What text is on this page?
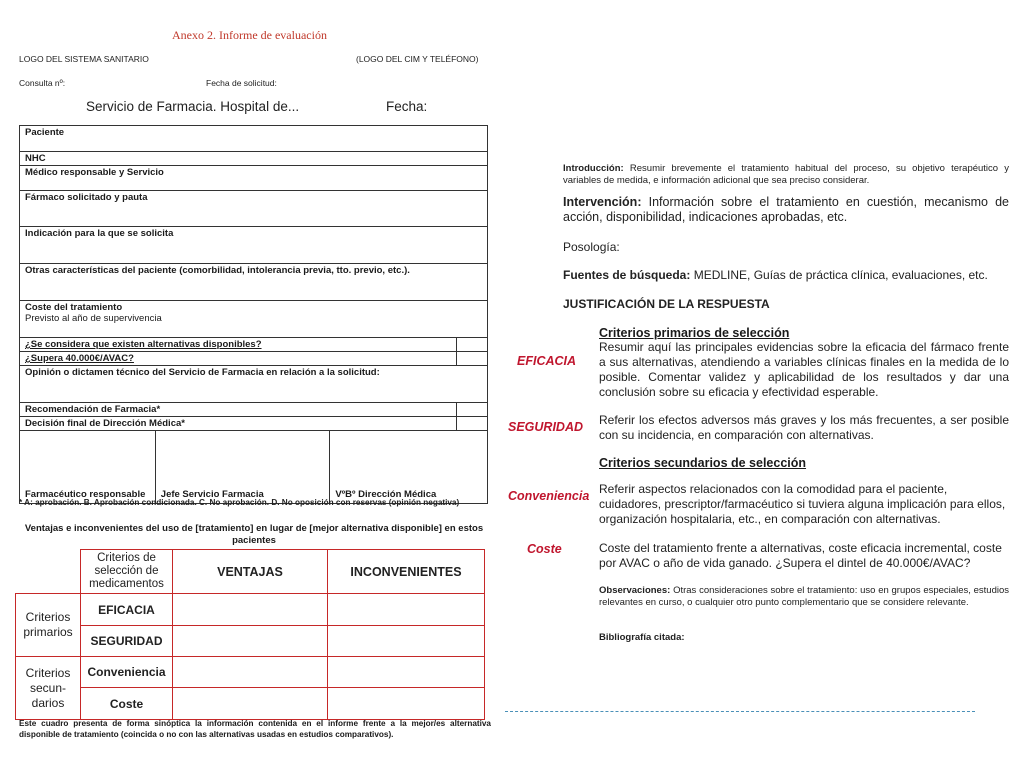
Anexo 2. Informe de evaluación
LOGO DEL SISTEMA SANITARIO	(LOGO DEL CIM Y TELÉFONO)
Consulta nº:	Fecha de solicitud:
Servicio de Farmacia. Hospital de...	Fecha:
Paciente			
NHC			
Médico responsable y Servicio			
Fármaco solicitado y pauta			
Indicación para la que se solicita			
Otras características del paciente (comorbilidad, intolerancia previa, tto. previo, etc.).			

Coste del tratamiento
Previsto al año de supervivencia			

¿Se considera que existen alternativas disponibles?			
¿Supera 40.000€/AVAC?			
Opinión o dictamen técnico del Servicio de Farmacia en relación a la solicitud:			
Recomendación de Farmacia*			
Decisión final de Dirección Médica*			
Farmacéutico responsable	Jefe Servicio Farmacia	VºBº Dirección Médica	
* A: aprobación. B. Aprobación condicionada. C. No aprobación. D. No oposición con reservas (opinión negativa)
Ventajas e inconvenientes del uso de [tratamiento] en lugar de [mejor alternativa disponible] en estos pacientes
	Criterios de selección de medicamentos	VENTAJAS	INCONVENIENTES
Criterios primarios	EFICACIA		
	SEGURIDAD		
Criterios secun-darios	Conveniencia		
	Coste		
Este cuadro presenta de forma sinóptica la información contenida en el informe frente a la mejor/es alternativa disponible de tratamiento (coincida o no con las alternativas usadas en estudios comparativos).
Introducción: Resumir brevemente el tratamiento habitual del proceso, su objetivo terapéutico y variables de medida, e información adicional que sea preciso considerar.
Intervención: Información sobre el tratamiento en cuestión, mecanismo de acción, disponibilidad, indicaciones aprobadas, etc.
Posología:
Fuentes de búsqueda: MEDLINE, Guías de práctica clínica, evaluaciones, etc.
JUSTIFICACIÓN DE LA RESPUESTA
Criterios primarios de selección
EFICACIA
Resumir aquí las principales evidencias sobre la eficacia del fármaco frente a sus alternativas, atendiendo a variables clínicas finales en la medida de lo posible. Comentar validez y aplicabilidad de los resultados y dar una conclusión sobre su eficacia y efectividad esperable.
SEGURIDAD Referir los efectos adversos más graves y los más frecuentes, a ser posible con su incidencia, en comparación con alternativas.
Criterios secundarios de selección
Conveniencia Referir aspectos relacionados con la comodidad para el paciente, cuidadores, prescriptor/farmacéutico si tuviera alguna implicación para ellos, organización hospitalaria, etc., en comparación con alternativas.
Coste	Coste del tratamiento frente a alternativas, coste eficacia incremental, coste por AVAC o año de vida ganado. ¿Supera el dintel de 40.000€/AVAC?
Observaciones: Otras consideraciones sobre el tratamiento: uso en grupos especiales, estudios relevantes en curso, o cualquier otro punto complementario que se considere relevante.
Bibliografía citada:
